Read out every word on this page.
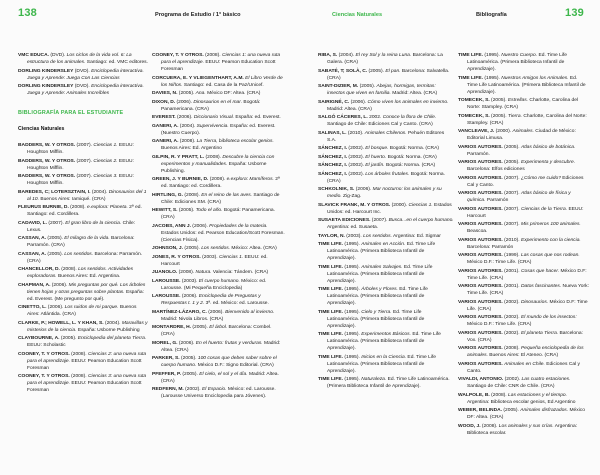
138	Programa de Estudio / 1° básico	Ciencias Naturales	Bibliografía	139
VMC EDUCA. (DVD). Los ciclos de la vida vol. 6: La estructura de los animales. Santiago: ed. VMC editores.
DORLING KINDERSLEY (DVD). Enciclopedia interactiva. Juega y Aprende: Juega Con Las Ciencias
DORLING KINDERSLEY (DVD). Enciclopedia interactiva. Juega y Aprende: Animales Increíbles
BIBLIOGRAFÍA PARA EL ESTUDIANTE
Ciencias Naturales
BADDERS, W. Y OTROS. (2007). Ciencias 1. EEUU: Houghton Mifflin.
BADDERS, W. Y OTROS. (2007). Ciencias 2. EEUU: Houghton Mifflin.
BADDERS, W. Y OTROS. (2007). Ciencias 3. EEUU: Houghton Mifflin.
BAREDES, C; LOTERSZTAIN, I. (2004). Dinosaurios del 1 al 10. Buenos Aires: Iamiqué. (CRA)
FLEURUS BURNIE, D. (2008). e.explora: Planeta. 2ª ed. Santiago: ed. Cordillera.
CADAVID, L. (2007). El gran libro de la ciencia. Chile: Lexus.
CASSAN, A. (2005). El milagro de la vida. Barcelona: Parramón. (CRA)
CASSAN, A. (2005). Los sentidos. Barcelona: Parramón. (CRA)
CHANCELLOR, D. (2008). Los sentidos. Actividades exploradoras. Buenos Aires: Ed. Argentina.
CHAPMAN, A. (2006). Mis preguntas por qué. Los árboles tienen hojas y otras preguntas sobre plantas. España: ed. Everest. (Me pregunto por qué).
CINETTO, L. (2006). Los ruidos de mi parque. Buenos Aires: Atlántida. (CRA)
CLARKE, P.; HOWELL, L. Y KHAN, S. (2004). Maravillas y misterios de la ciencia. España: Usborne Publishing
CLAYBOURNE, A. (2005). Enciclopedia del planeta Tierra. EEUU: Scholastic
COONEY, T. Y OTROS. (2008). Ciencias 2: una nueva ruta para el aprendizaje. EEUU: Pearson Education Scott Foresman
COONEY, T. Y OTROS. (2008). Ciencias 3: una nueva ruta para el aprendizaje. EEUU: Pearson Education Scott Foresman
COONEY, T. Y OTROS. (2008). Ciencias 1: una nueva ruta para el aprendizaje. EEUU: Pearson Education Scott Foresman
CORCUERA, E. Y VLIEGENTHART, A.M. El Libro Verde de los Niños. Santiago: ed. Casa de la Paz/Unicef.
DAVIES, N. (2005). Ana. México DF: Altea. (CRA)
DIXON, D. (2006). Dinosaurios en el mar. Bogotá: Panamericana. (CRA)
EVEREST. (2006). Diccionario Visual. España: ed. Everest.
GANERI, A. (2004). Supervivencia. España: ed. Everest. (Nuestro Cuerpo).
GANERI, A. (2008). La Tierra, biblioteca escolar genios. Buenos Aires: Ed. Argentino
GILPIN, R. Y PRATT, L. (2008). Descubre la ciencia con experimentos y manualidades. España: Usborne Publishing.
GREEN, J. Y BURNIE, D. (2008). e.explora: Mamíferos. 2ª ed. Santiago: ed. Cordillera.
HIRTLING, G. (2008). En el reino de las aves. Santiago de Chile: Ediciones SM. (CRA)
HEWITT, S. (2005). Todo el año. Bogotá: Panamericana. (CRA)
JACOBS, ANN J. (2006). Propiedades de la materia. Estados Unidos: ed. Pearson Education/Scott Foresman. (Ciencias Física).
JOHNSON, J. (2005). Los sentidos. México: Altea. (CRA)
JONES, R. Y OTROS. (2003). Ciencias 1. EEUU: ed. Harcourt
JUANOLO. (2008). Natura. Valencia: Tándem. (CRA)
LAROUSSE. (2003). El cuerpo humano. México: ed. Larousse. (Mi Pequeña Enciclopedia)
LAROUSSE. (2006). Enciclopedia de Preguntas y Respuestas t. 1 y 2. 3ª. ed. México: ed. Larousse.
MARTÍNEZ-LÁZARO, C. (2006). Bienvenido al invierno. Madrid: Nivola Libros. (CRA)
MONTARDRE, H. (2005). El árbol. Barcelona: Combel. (CRA)
MOREL, G. (2006). En el huerto: frutas y verduras. Madrid: Altea. (CRA)
PARKER, S. (2005). 100 cosas que debes saber sobre el cuerpo humano. México D.F.: Signo Editorial. (CRA)
PFEFFER, P. (2005). El cielo, el sol y el día. Madrid: Altea. (CRA)
REDFERN, M. (2002). El Espacio. México: ed. Larousse. (Larousse Universo Enciclopedia para Jóvenes).
RIBA, S. (2004). El rey Sol y la reina Luna. Barcelona: La Galera. (CRA)
SABATÉ, T; SOLÀ, C. (2005). El pan. Barcelona: Salvatella. (CRA)
SAINT-DIZIER, M. (2005). Abejas, hormigas, termitas: insectos que viven en familia. Madrid: Altea. (CRA)
SAIRIGNÉ, C. (2006). Cómo viven los animales en invierno. Madrid: Altea. (CRA)
SALGÓ CÁCERES, L. 2002. Conoce la flora de Chile. Santiago de Chile: Ediciones Cal y Canto. (CRA)
SALINAS, L. (2010). Animales Chilenos. Pehuén Editores S.A.
SÁNCHEZ, I. (2002). El bosque. Bogotá: Norma. (CRA)
SÁNCHEZ, I. (2002). El huerto. Bogotá: Norma. (CRA)
SÁNCHEZ, I. (2002). El jardín. Bogotá: Norma. (CRA)
SÁNCHEZ, I. (2002). Los árboles frutales. Bogotá: Norma. (CRA)
SCHKOLNIK, S. (2006). Mar nocturno: los animales y su medio. Zig-Zag.
SLAVICK FRANK, M. Y OTROS. (2000). Ciencias 1. Estados Unidos: ed. Harcourt Inc.
SUSAETA EDICIONES. (2007). Busca...en el cuerpo humano. Argentina: ed. Susaeta.
TAYLOR, N. (2003). Los sentidos. Argentina: Ed. Sigmar
TIME LIFE. (1995). Animales en Acción. Ed. Time Life Latinoamérica. (Primera Biblioteca Infantil de Aprendizaje).
TIME LIFE. (1995). Animales Salvajes. Ed. Time Life Latinoamérica. (Primera Biblioteca Infantil de Aprendizaje).
TIME LIFE. (1995). Árboles y Flores. Ed. Time Life Latinoamérica. (Primera Biblioteca Infantil de Aprendizaje).
TIME LIFE. (1995). Cielo y Tierra. Ed. Time Life Latinoamérica. (Primera Biblioteca Infantil de Aprendizaje).
TIME LIFE. (1995). Experimentos Básicos. Ed. Time Life Latinoamérica. (Primera Biblioteca Infantil de Aprendizaje).
TIME LIFE. (1995). Inicios en la Ciencia. Ed. Time Life Latinoamérica. (Primera Biblioteca Infantil de Aprendizaje).
TIME LIFE. (1995). Naturaleza. Ed. Time Life Latinoamérica. (Primera Biblioteca Infantil de Aprendizaje).
TIME LIFE. (1995). Nuestro Cuerpo. Ed. Time Life Latinoamérica. (Primera Biblioteca Infantil de Aprendizaje).
TIME LIFE. (1995). Nuestros Amigos los Animales. Ed. Time Life Latinoamérica. (Primera Biblioteca Infantil de Aprendizaje).
TOMECEK, S. (2005). Estrellas. Charlotte, Carolina del Norte: Stampley. (CRA)
TOMECEK, S. (2005). Tierra. Charlotte, Carolina del Norte: Stampley. (CRA)
VANCLEAVE, J. (2000). Animales. Ciudad de México: Editorial Limusa.
VARIOS AUTORES. (2005). Atlas básico de botánica. Parramón.
VARIOS AUTORES. (2005). Experimenta y descubre. Barcelona: Elfos ediciones
VARIOS AUTORES. (2007). ¿Cómo me cuido? Ediciones Cal y Canto.
VARIOS AUTORES. (2007). Atlas básico de física y química. Parramón
VARIOS AUTORES. (2007). Ciencias de la Tierra. EEUU: Harcourt
VARIOS AUTORES. (2007). Mis primeros 100 animales. Beascoa.
VARIOS AUTORES. (2010). Experimento con la ciencia. Barcelona: Parramón
VARIOS AUTORES. (1999). Las cosas que nos rodean. México D.F.: Time Life. (CRA)
VARIOS AUTORES. (2001). Cosas que hacer. México D.F: Time Life. (CRA)
VARIOS AUTORES. (2001). Datos fascinantes. Nueva York: Time Life. (CRA)
VARIOS AUTORES. (2002). Dinosaurios. México D.F: Time Life. (CRA)
VARIOS AUTORES. (2002). El mundo de los insectos: México D.F.: Time Life. (CRA)
VARIOS AUTORES. (2002). El planeta Tierra. Barcelona: Vox. (CRA)
VARIOS AUTORES. (2008). Pequeña enciclopedia de los animales. Buenos Aires: El Ateneo. (CRA)
VARIOS AUTORES. Animales en Chile. Ediciones Cal y Canto.
VIVALDI, ANTONIO. (2002). Las cuatro estaciones. Santiago de Chile: CNR de Chile. (CRA)
WALPOLE, B. (2008). Las estaciones y el tiempo. Argentina: Biblioteca escolar genios, Ed Argentino
WEBER, BELINDA. (2005). Animales disfrazados. México DF: Altea. (CRA)
WOOD, J. (2008). Los animales y sus crías. Argentina: Biblioteca escolar.
